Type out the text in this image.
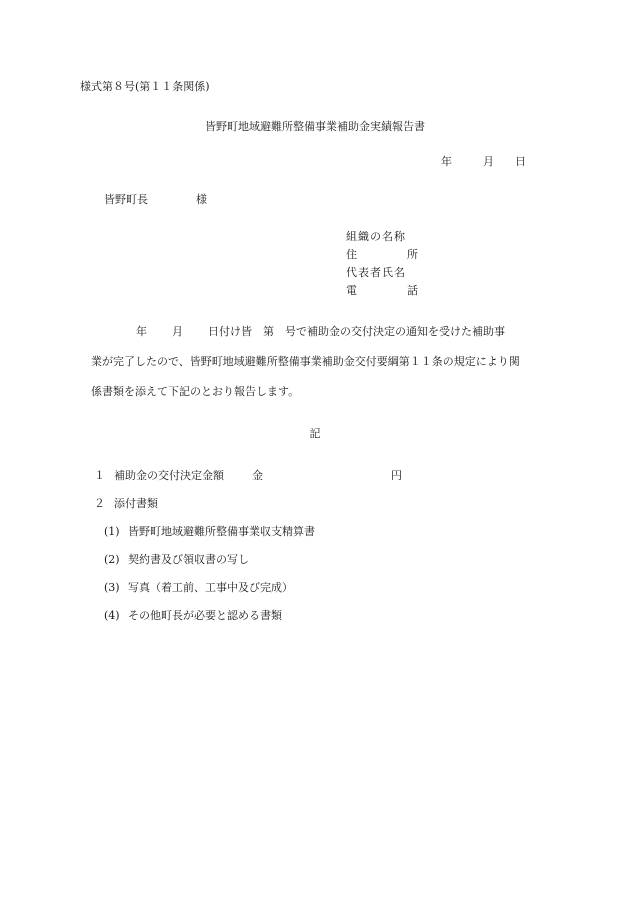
様式第８号(第１１条関係)
皆野町地域避難所整備事業補助金実績報告書
年	月 日
皆野町長	様
組織の名称
住	所
代表者氏名
電	話
年 月 日付け皆　第 号で補助金の交付決定の通知を受けた補助事
業が完了したので、皆野町地域避難所整備事業補助金交付要綱第１１条の規定により関
係書類を添えて下記のとおり報告します。
記
１ 補助金の交付決定金額	金	円
２ 添付書類
(1) 皆野町地域避難所整備事業収支精算書
(2) 契約書及び領収書の写し
(3) 写真（着工前、工事中及び完成）
(4) その他町長が必要と認める書類
